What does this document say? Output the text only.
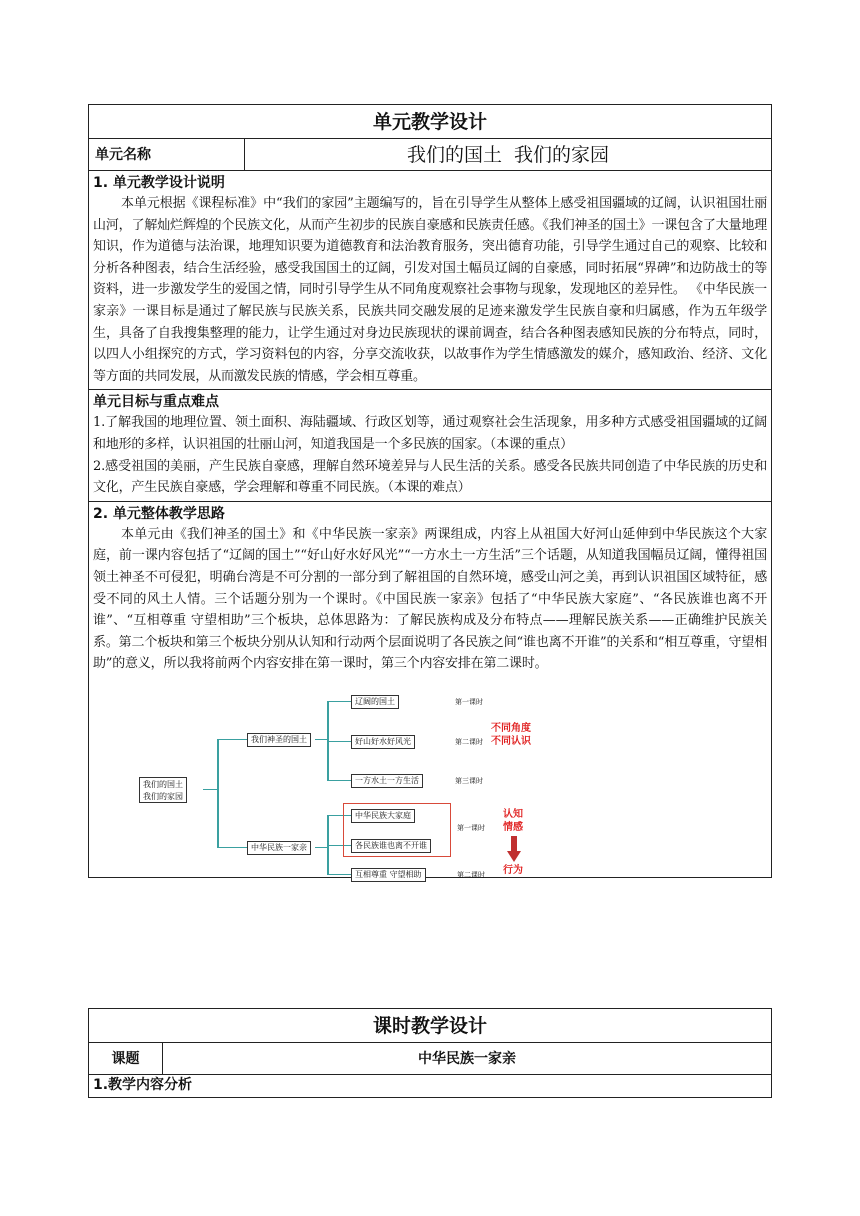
单元教学设计
单元名称	我们的国土  我们的家园
1. 单元教学设计说明
本单元根据《课程标准》中“我们的家园”主题编写的，旨在引导学生从整体上感受祖国疆域的辽阔，认识祖国壮丽山河，了解灿烂辉煌的个民族文化，从而产生初步的民族自豪感和民族责任感。《我们神圣的国土》一课包含了大量地理知识，作为道德与法治课，地理知识要为道德教育和法治教育服务，突出德育功能，引导学生通过自己的观察、比较和分析各种图表，结合生活经验，感受我国国土的辽阔，引发对国土幅员辽阔的自豪感，同时拓展“界碑”和边防战士的等资料，进一步激发学生的爱国之情，同时引导学生从不同角度观察社会事物与现象，发现地区的差异性。 《中华民族一家亲》一课目标是通过了解民族与民族关系，民族共同交融发展的足迹来激发学生民族自豪和归属感，作为五年级学生，具备了自我搜集整理的能力，让学生通过对身边民族现状的课前调查，结合各种图表感知民族的分布特点，同时，以四人小组探究的方式，学习资料包的内容，分享交流收获，以故事作为学生情感激发的媒介，感知政治、经济、文化等方面的共同发展，从而激发民族的情感，学会相互尊重。
单元目标与重点难点
1.了解我国的地理位置、领土面积、海陆疆域、行政区划等，通过观察社会生活现象，用多种方式感受祖国疆域的辽阔和地形的多样，认识祖国的壮丽山河，知道我国是一个多民族的国家。（本课的重点）
2.感受祖国的美丽，产生民族自豪感，理解自然环境差异与人民生活的关系。感受各民族共同创造了中华民族的历史和文化，产生民族自豪感，学会理解和尊重不同民族。（本课的难点）
2. 单元整体教学思路
本单元由《我们神圣的国土》和《中华民族一家亲》两课组成，内容上从祖国大好河山延伸到中华民族这个大家庭，前一课内容包括了“辽阔的国土”“好山好水好风光”“一方水土一方生活”三个话题，从知道我国幅员辽阔，懂得祖国领土神圣不可侵犯，明确台湾是不可分割的一部分到了解祖国的自然环境，感受山河之美，再到认识祖国区域特征，感受不同的风土人情。三个话题分别为一个课时。《中国民族一家亲》包括了“中华民族大家庭”、“各民族谁也离不开谁”、“互相尊重 守望相助”三个板块，总体思路为：了解民族构成及分布特点——理解民族关系——正确维护民族关系。第二个板块和第三个板块分别从认知和行动两个层面说明了各民族之间“谁也离不开谁”的关系和“相互尊重，守望相助”的意义，所以我将前两个内容安排在第一课时，第三个内容安排在第二课时。
我们的国土
我们的家园
我们神圣的国土
辽阔的国土
好山好水好风光
一方水土一方生活
第一课时
第二课时
第三课时
不同角度
不同认识
中华民族一家亲
中华民族大家庭
各民族谁也离不开谁
互相尊重 守望相助
第一课时
第二课时
认知
情感
行为
课时教学设计
课题	中华民族一家亲
1.教学内容分析
